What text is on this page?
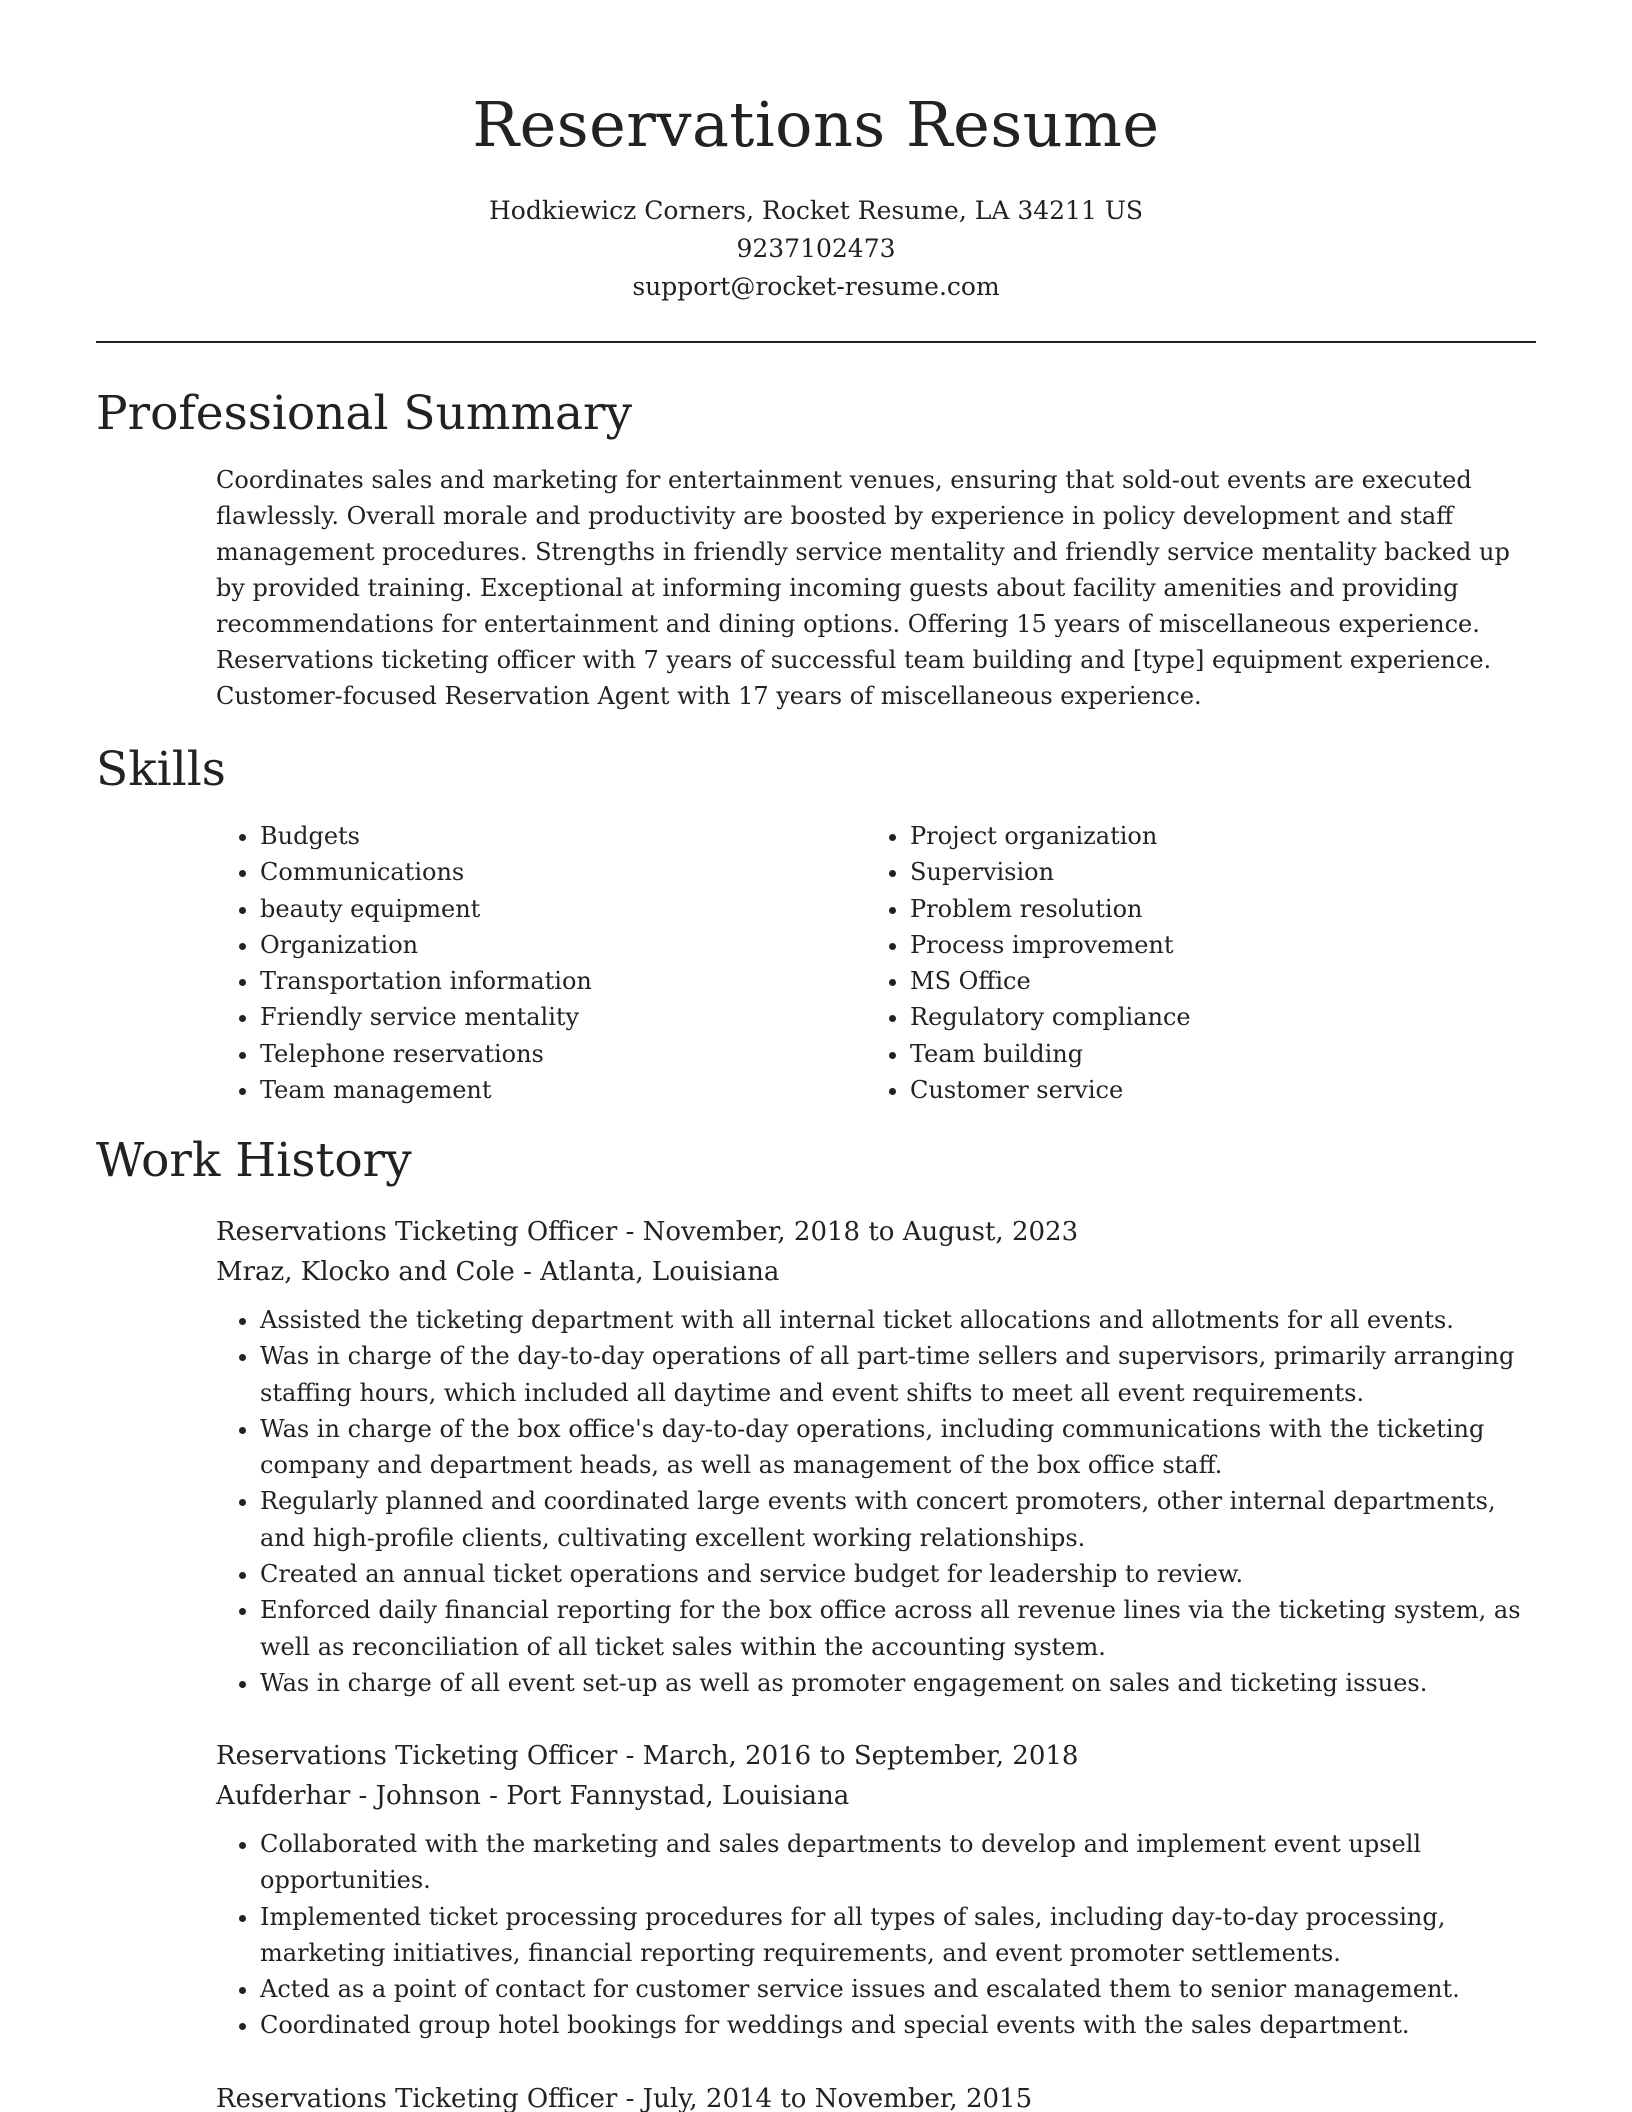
Reservations Resume
Hodkiewicz Corners, Rocket Resume, LA 34211 US
9237102473
support@rocket-resume.com
Professional Summary

Coordinates sales and marketing for entertainment venues, ensuring that sold-out events are executed flawlessly. Overall morale and productivity are boosted by experience in policy development and staff management procedures. Strengths in friendly service mentality and friendly service mentality backed up by provided training. Exceptional at informing incoming guests about facility amenities and providing recommendations for entertainment and dining options. Offering 15 years of miscellaneous experience. Reservations ticketing officer with 7 years of successful team building and [type] equipment experience. Customer-focused Reservation Agent with 17 years of miscellaneous experience.

Skills
• Budgets
• Communications
• beauty equipment
• Organization
• Transportation information
• Friendly service mentality
• Telephone reservations
• Team management
• Project organization
• Supervision
• Problem resolution
• Process improvement
• MS Office
• Regulatory compliance
• Team building
• Customer service
Work History
Reservations Ticketing Officer - November, 2018 to August, 2023
Mraz, Klocko and Cole - Atlanta, Louisiana
• Assisted the ticketing department with all internal ticket allocations and allotments for all events.
• Was in charge of the day-to-day operations of all part-time sellers and supervisors, primarily arranging staffing hours, which included all daytime and event shifts to meet all event requirements.
• Was in charge of the box office's day-to-day operations, including communications with the ticketing company and department heads, as well as management of the box office staff.
• Regularly planned and coordinated large events with concert promoters, other internal departments, and high-profile clients, cultivating excellent working relationships.
• Created an annual ticket operations and service budget for leadership to review.
• Enforced daily financial reporting for the box office across all revenue lines via the ticketing system, as well as reconciliation of all ticket sales within the accounting system.
• Was in charge of all event set-up as well as promoter engagement on sales and ticketing issues.
Reservations Ticketing Officer - March, 2016 to September, 2018
Aufderhar - Johnson - Port Fannystad, Louisiana
• Collaborated with the marketing and sales departments to develop and implement event upsell opportunities.
• Implemented ticket processing procedures for all types of sales, including day-to-day processing, marketing initiatives, financial reporting requirements, and event promoter settlements.
• Acted as a point of contact for customer service issues and escalated them to senior management.
• Coordinated group hotel bookings for weddings and special events with the sales department.
Reservations Ticketing Officer - July, 2014 to November, 2015
